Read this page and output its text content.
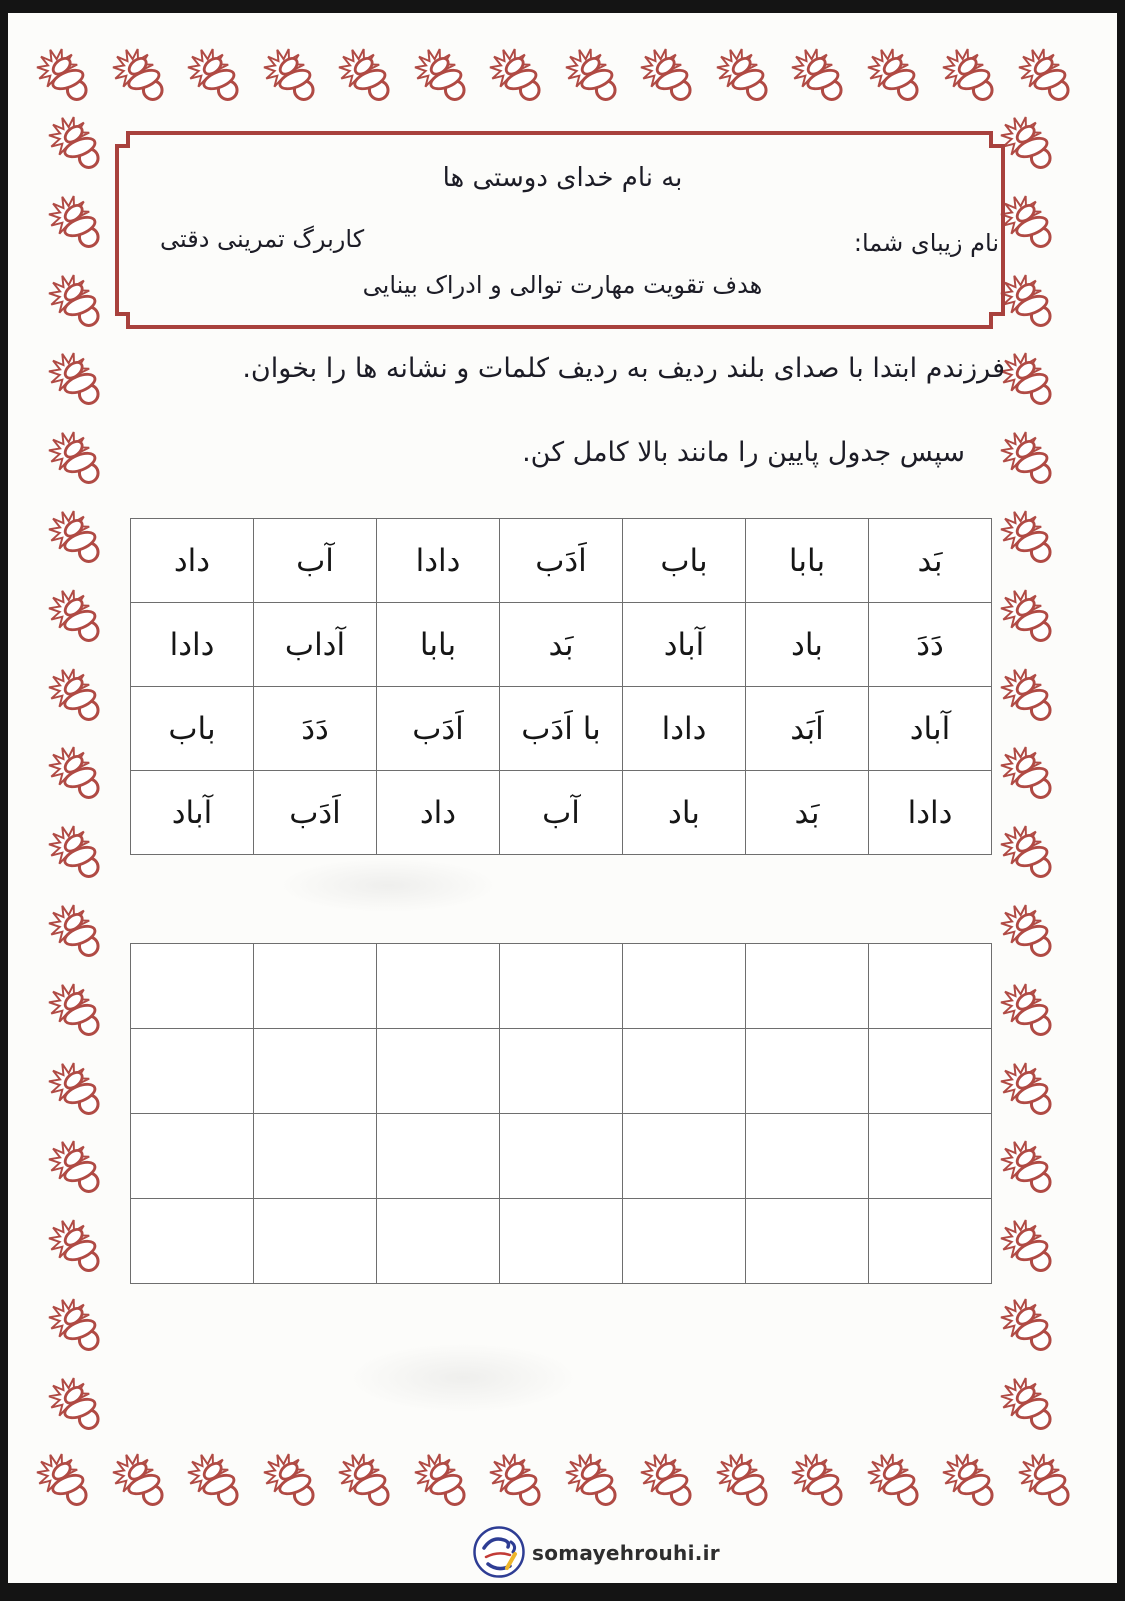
به نام خدای دوستی ها
نام زیبای شما:
کاربرگ تمرینی دقتی
هدف تقویت مهارت توالی و ادراک بینایی
فرزندم ابتدا با صدای بلند ردیف به ردیف کلمات و نشانه ها را بخوان.
سپس جدول پایین را مانند بالا کامل کن.
بَد	بابا	باب	اَدَب	دادا	آب	داد
دَدَ	باد	آباد	بَد	بابا	آداب	دادا
آباد	اَبَد	دادا	با اَدَب	اَدَب	دَدَ	باب
دادا	بَد	باد	آب	داد	اَدَب	آباد

somayehrouhi.ir
